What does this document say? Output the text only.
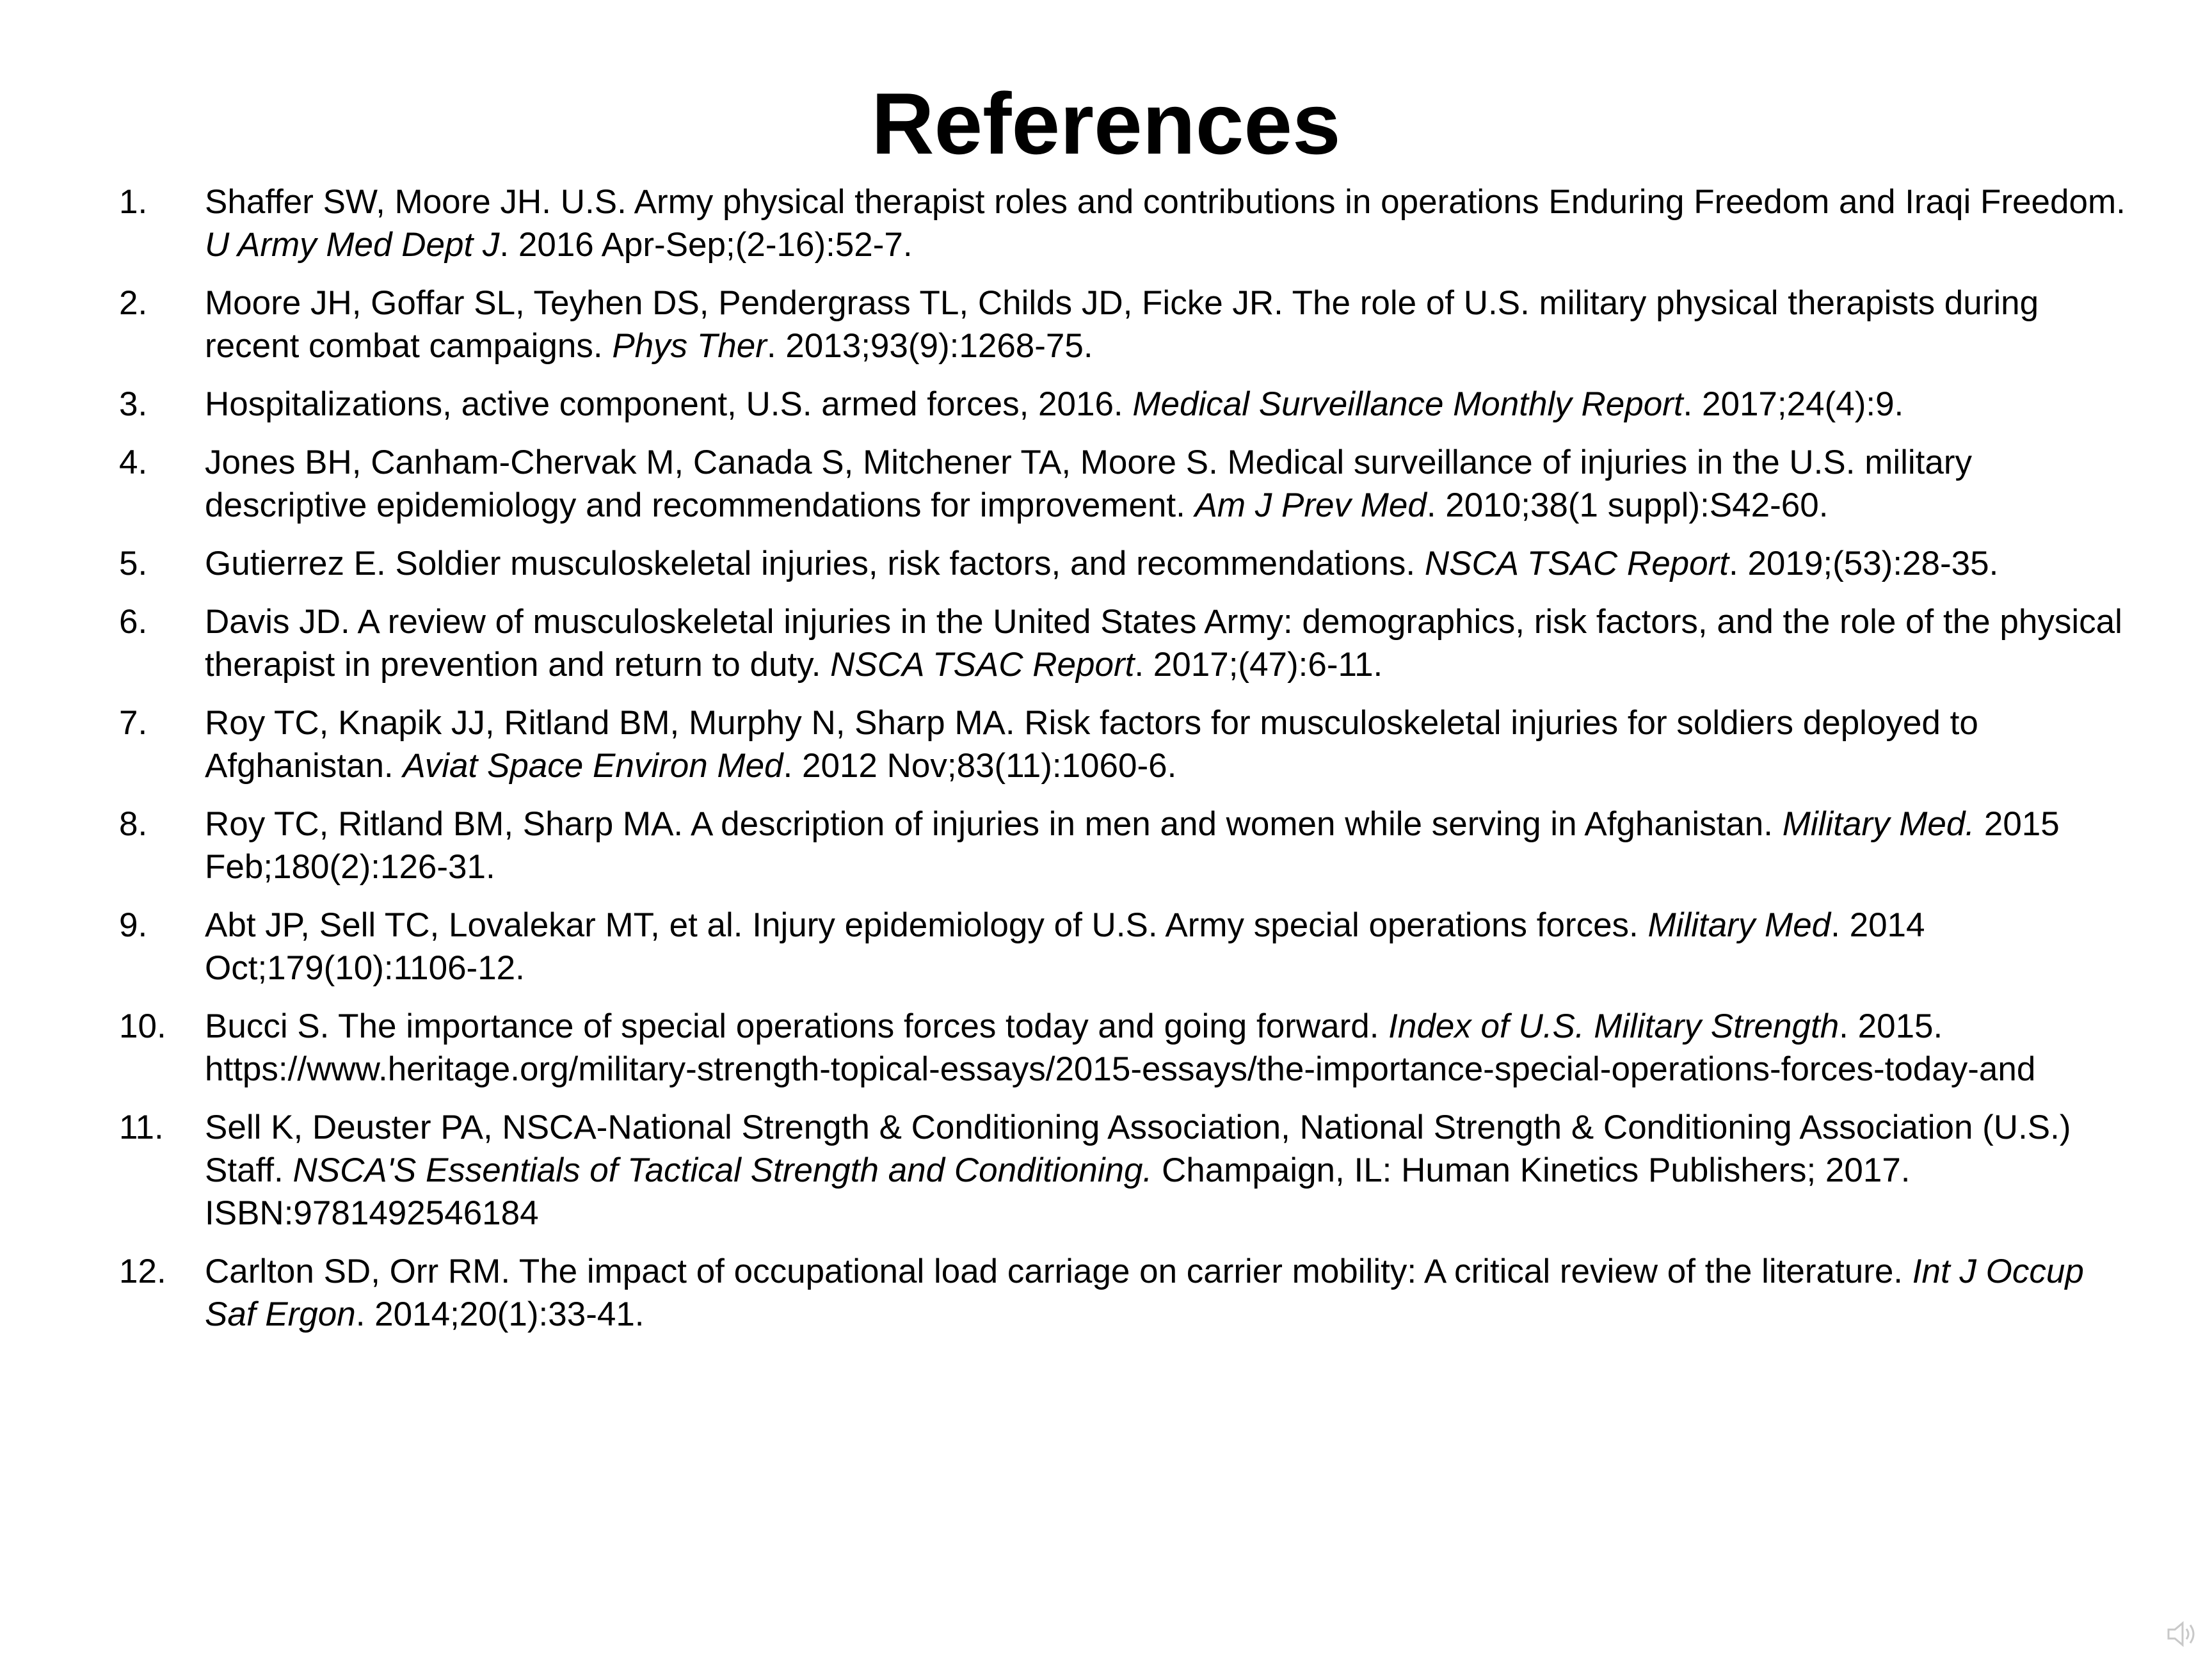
References
1.	Shaffer SW, Moore JH. U.S. Army physical therapist roles and contributions in operations Enduring Freedom and Iraqi Freedom. U Army Med Dept J. 2016 Apr-Sep;(2-16):52-7.
2.	Moore JH, Goffar SL, Teyhen DS, Pendergrass TL, Childs JD, Ficke JR. The role of U.S. military physical therapists during recent combat campaigns. Phys Ther. 2013;93(9):1268-75.
3.	Hospitalizations, active component, U.S. armed forces, 2016. Medical Surveillance Monthly Report. 2017;24(4):9.
4.	Jones BH, Canham-Chervak M, Canada S, Mitchener TA, Moore S. Medical surveillance of injuries in the U.S. military descriptive epidemiology and recommendations for improvement. Am J Prev Med. 2010;38(1 suppl):S42-60.
5.	Gutierrez E. Soldier musculoskeletal injuries, risk factors, and recommendations. NSCA TSAC Report. 2019;(53):28-35.
6.	Davis JD. A review of musculoskeletal injuries in the United States Army: demographics, risk factors, and the role of the physical therapist in prevention and return to duty. NSCA TSAC Report. 2017;(47):6-11.
7.	Roy TC, Knapik JJ, Ritland BM, Murphy N, Sharp MA. Risk factors for musculoskeletal injuries for soldiers deployed to Afghanistan. Aviat Space Environ Med. 2012 Nov;83(11):1060-6.
8.	Roy TC, Ritland BM, Sharp MA. A description of injuries in men and women while serving in Afghanistan. Military Med. 2015 Feb;180(2):126-31.
9.	Abt JP, Sell TC, Lovalekar MT, et al. Injury epidemiology of U.S. Army special operations forces. Military Med. 2014 Oct;179(10):1106-12.
10.	Bucci S. The importance of special operations forces today and going forward. Index of U.S. Military Strength. 2015. https://www.heritage.org/military-strength-topical-essays/2015-essays/the-importance-special-operations-forces-today-and
11.	Sell K, Deuster PA, NSCA-National Strength & Conditioning Association, National Strength & Conditioning Association (U.S.) Staff. NSCA'S Essentials of Tactical Strength and Conditioning. Champaign, IL: Human Kinetics Publishers; 2017. ISBN:9781492546184
12.	Carlton SD, Orr RM. The impact of occupational load carriage on carrier mobility: A critical review of the literature. Int J Occup Saf Ergon. 2014;20(1):33-41.
